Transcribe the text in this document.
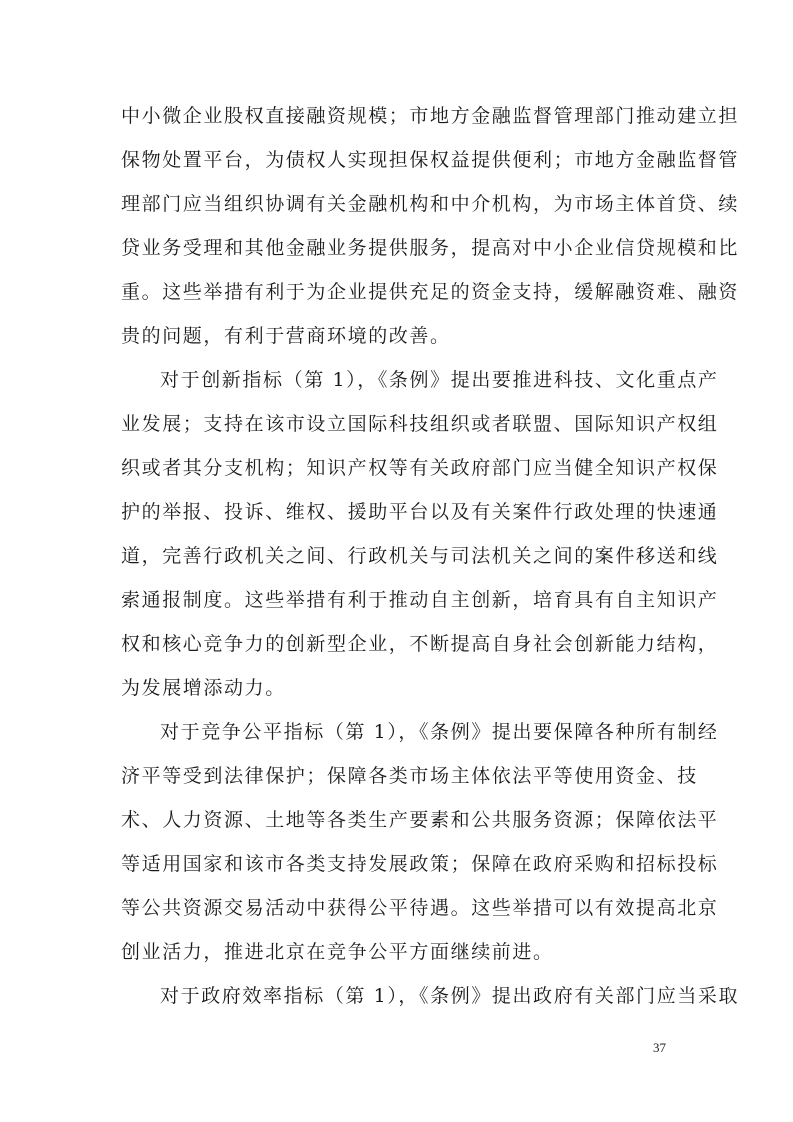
中小微企业股权直接融资规模；市地方金融监督管理部门推动建立担
保物处置平台，为债权人实现担保权益提供便利；市地方金融监督管
理部门应当组织协调有关金融机构和中介机构，为市场主体首贷、续
贷业务受理和其他金融业务提供服务，提高对中小企业信贷规模和比
重。这些举措有利于为企业提供充足的资金支持，缓解融资难、融资
贵的问题，有利于营商环境的改善。
对于创新指标（第 1），《条例》提出要推进科技、文化重点产
业发展；支持在该市设立国际科技组织或者联盟、国际知识产权组
织或者其分支机构；知识产权等有关政府部门应当健全知识产权保
护的举报、投诉、维权、援助平台以及有关案件行政处理的快速通
道，完善行政机关之间、行政机关与司法机关之间的案件移送和线
索通报制度。这些举措有利于推动自主创新，培育具有自主知识产
权和核心竞争力的创新型企业，不断提高自身社会创新能力结构，
为发展增添动力。
对于竞争公平指标（第 1），《条例》提出要保障各种所有制经
济平等受到法律保护；保障各类市场主体依法平等使用资金、技
术、人力资源、土地等各类生产要素和公共服务资源；保障依法平
等适用国家和该市各类支持发展政策；保障在政府采购和招标投标
等公共资源交易活动中获得公平待遇。这些举措可以有效提高北京
创业活力，推进北京在竞争公平方面继续前进。
对于政府效率指标（第 1），《条例》提出政府有关部门应当采取
37
